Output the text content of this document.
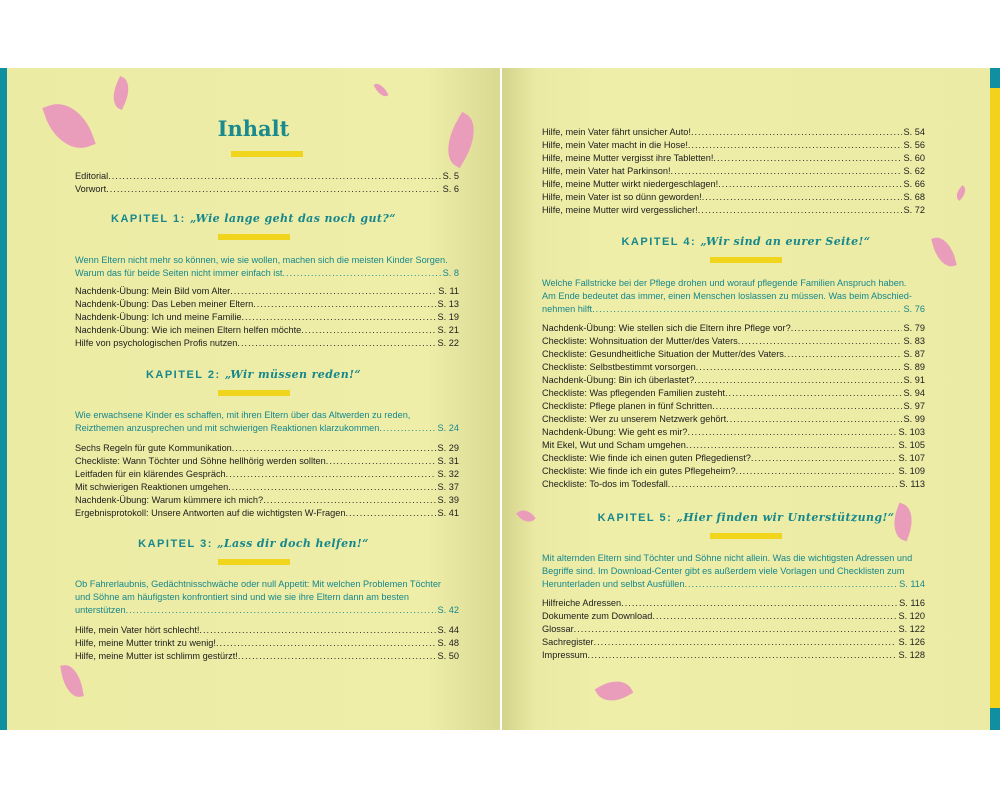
Inhalt
Editorial .....	S. 5
Vorwort .....	S. 6
KAPITEL 1: „Wie lange geht das noch gut?“
Wenn Eltern nicht mehr so können, wie sie wollen, machen sich die meisten Kinder Sorgen.
Warum das für beide Seiten nicht immer einfach ist .....	S. 8
Nachdenk-Übung: Mein Bild vom Alter .....	S. 11
Nachdenk-Übung: Das Leben meiner Eltern .....	S. 13
Nachdenk-Übung: Ich und meine Familie .....	S. 19
Nachdenk-Übung: Wie ich meinen Eltern helfen möchte .....	S. 21
Hilfe von psychologischen Profis nutzen .....	S. 22
KAPITEL 2: „Wir müssen reden!“
Wie erwachsene Kinder es schaffen, mit ihren Eltern über das Altwerden zu reden,
Reizthemen anzusprechen und mit schwierigen Reaktionen klarzukommen .....	S. 24
Sechs Regeln für gute Kommunikation .....	S. 29
Checkliste: Wann Töchter und Söhne hellhörig werden sollten .....	S. 31
Leitfaden für ein klärendes Gespräch .....	S. 32
Mit schwierigen Reaktionen umgehen .....	S. 37
Nachdenk-Übung: Warum kümmere ich mich? .....	S. 39
Ergebnisprotokoll: Unsere Antworten auf die wichtigsten W-Fragen .....	S. 41
KAPITEL 3: „Lass dir doch helfen!“
Ob Fahrerlaubnis, Gedächtnisschwäche oder null Appetit: Mit welchen Problemen Töchter
und Söhne am häufigsten konfrontiert sind und wie sie ihre Eltern dann am besten
unterstützen .....	S. 42
Hilfe, mein Vater hört schlecht! .....	S. 44
Hilfe, meine Mutter trinkt zu wenig! .....	S. 48
Hilfe, meine Mutter ist schlimm gestürzt! .....	S. 50
Hilfe, mein Vater fährt unsicher Auto! .....	S. 54
Hilfe, mein Vater macht in die Hose! .....	S. 56
Hilfe, meine Mutter vergisst ihre Tabletten! .....	S. 60
Hilfe, mein Vater hat Parkinson! .....	S. 62
Hilfe, meine Mutter wirkt niedergeschlagen! .....	S. 66
Hilfe, mein Vater ist so dünn geworden! .....	S. 68
Hilfe, meine Mutter wird vergesslicher! .....	S. 72
KAPITEL 4: „Wir sind an eurer Seite!“
Welche Fallstricke bei der Pflege drohen und worauf pflegende Familien Anspruch haben.
Am Ende bedeutet das immer, einen Menschen loslassen zu müssen. Was beim Abschied-
nehmen hilft .....	S. 76
Nachdenk-Übung: Wie stellen sich die Eltern ihre Pflege vor? .....	S. 79
Checkliste: Wohnsituation der Mutter/des Vaters .....	S. 83
Checkliste: Gesundheitliche Situation der Mutter/des Vaters .....	S. 87
Checkliste: Selbstbestimmt vorsorgen .....	S. 89
Nachdenk-Übung: Bin ich überlastet? .....	S. 91
Checkliste: Was pflegenden Familien zusteht .....	S. 94
Checkliste: Pflege planen in fünf Schritten .....	S. 97
Checkliste: Wer zu unserem Netzwerk gehört .....	S. 99
Nachdenk-Übung: Wie geht es mir? .....	S. 103
Mit Ekel, Wut und Scham umgehen .....	S. 105
Checkliste: Wie finde ich einen guten Pflegedienst? .....	S. 107
Checkliste: Wie finde ich ein gutes Pflegeheim? .....	S. 109
Checkliste: To-dos im Todesfall .....	S. 113
KAPITEL 5: „Hier finden wir Unterstützung!“
Mit alternden Eltern sind Töchter und Söhne nicht allein. Was die wichtigsten Adressen und
Begriffe sind. Im Download-Center gibt es außerdem viele Vorlagen und Checklisten zum
Herunterladen und selbst Ausfüllen .....	S. 114
Hilfreiche Adressen .....	S. 116
Dokumente zum Download .....	S. 120
Glossar .....	S. 122
Sachregister .....	S. 126
Impressum .....	S. 128
